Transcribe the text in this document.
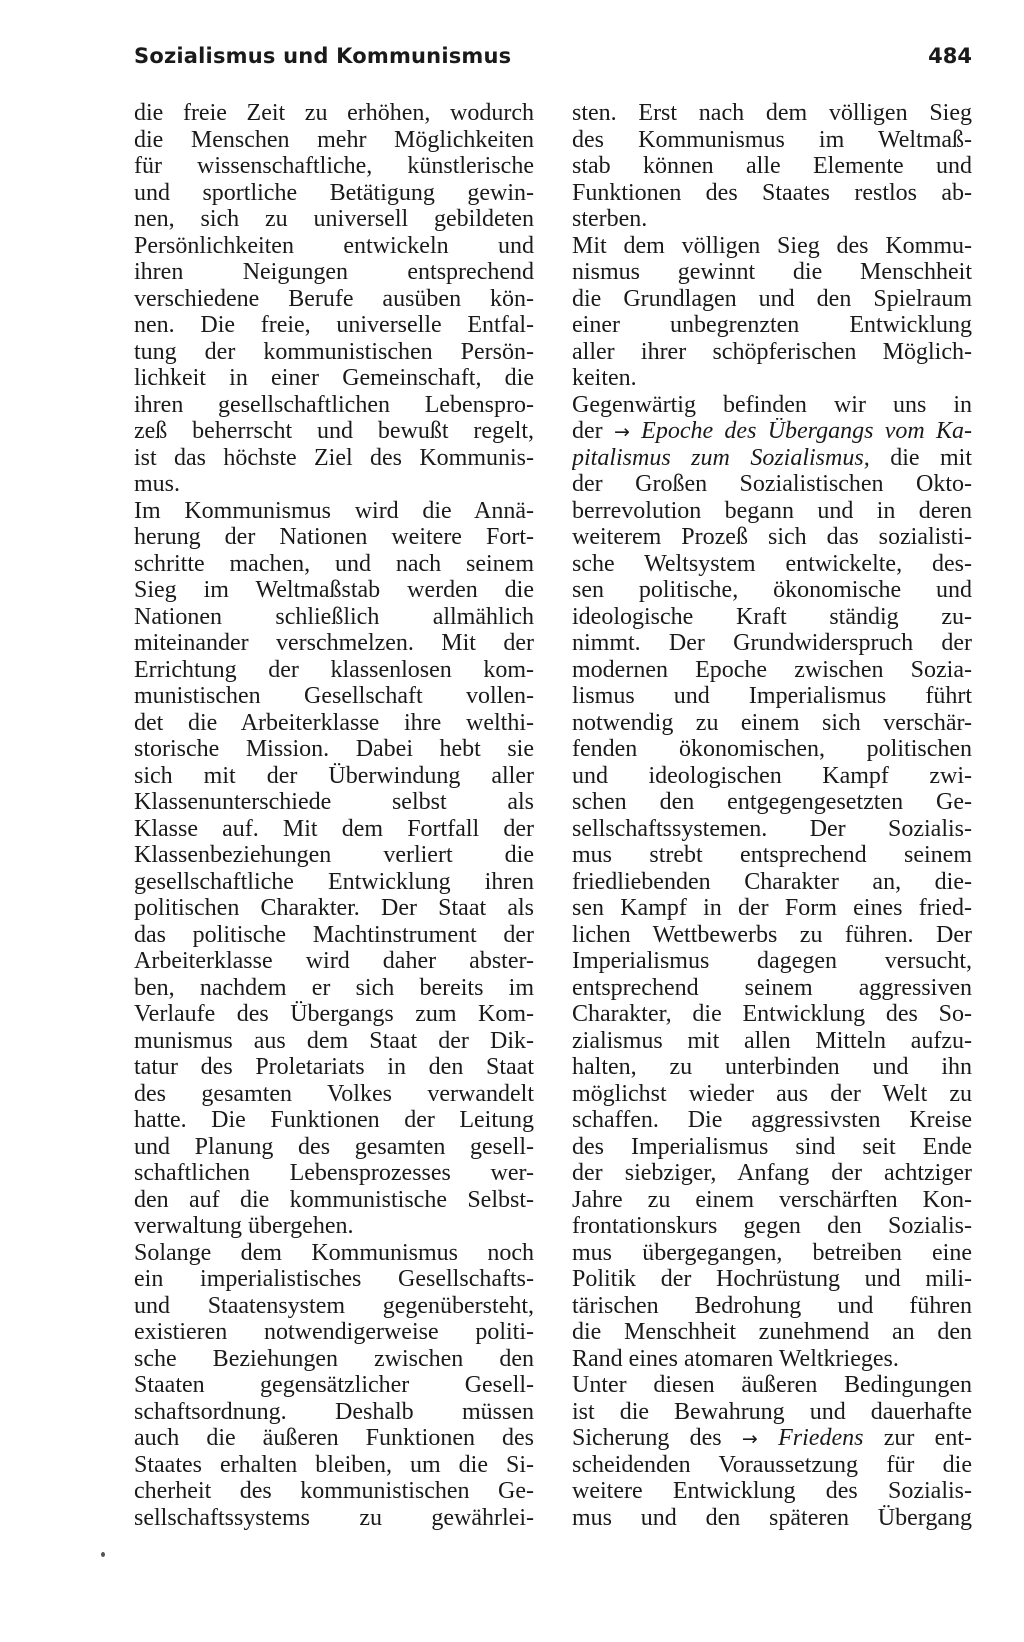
Sozialismus und Kommunismus	484
die freie Zeit zu erhöhen, wodurch
die Menschen mehr Möglichkeiten
für wissenschaftliche, künstlerische
und sportliche Betätigung gewin-
nen, sich zu universell gebildeten
Persönlichkeiten entwickeln und
ihren Neigungen entsprechend
verschiedene Berufe ausüben kön-
nen. Die freie, universelle Entfal-
tung der kommunistischen Persön-
lichkeit in einer Gemeinschaft, die
ihren gesellschaftlichen Lebenspro-
zeß beherrscht und bewußt regelt,
ist das höchste Ziel des Kommunis-
mus.
Im Kommunismus wird die Annä-
herung der Nationen weitere Fort-
schritte machen, und nach seinem
Sieg im Weltmaßstab werden die
Nationen schließlich allmählich
miteinander verschmelzen. Mit der
Errichtung der klassenlosen kom-
munistischen Gesellschaft vollen-
det die Arbeiterklasse ihre welthi-
storische Mission. Dabei hebt sie
sich mit der Überwindung aller
Klassenunterschiede selbst als
Klasse auf. Mit dem Fortfall der
Klassenbeziehungen verliert die
gesellschaftliche Entwicklung ihren
politischen Charakter. Der Staat als
das politische Machtinstrument der
Arbeiterklasse wird daher abster-
ben, nachdem er sich bereits im
Verlaufe des Übergangs zum Kom-
munismus aus dem Staat der Dik-
tatur des Proletariats in den Staat
des gesamten Volkes verwandelt
hatte. Die Funktionen der Leitung
und Planung des gesamten gesell-
schaftlichen Lebensprozesses wer-
den auf die kommunistische Selbst-
verwaltung übergehen.
Solange dem Kommunismus noch
ein imperialistisches Gesellschafts-
und Staatensystem gegenübersteht,
existieren notwendigerweise politi-
sche Beziehungen zwischen den
Staaten gegensätzlicher Gesell-
schaftsordnung. Deshalb müssen
auch die äußeren Funktionen des
Staates erhalten bleiben, um die Si-
cherheit des kommunistischen Ge-
sellschaftssystems zu gewährlei-
sten. Erst nach dem völligen Sieg
des Kommunismus im Weltmaß-
stab können alle Elemente und
Funktionen des Staates restlos ab-
sterben.
Mit dem völligen Sieg des Kommu-
nismus gewinnt die Menschheit
die Grundlagen und den Spielraum
einer unbegrenzten Entwicklung
aller ihrer schöpferischen Möglich-
keiten.
Gegenwärtig befinden wir uns in
der → Epoche des Übergangs vom Ka-
pitalismus zum Sozialismus, die mit
der Großen Sozialistischen Okto-
berrevolution begann und in deren
weiterem Prozeß sich das sozialisti-
sche Weltsystem entwickelte, des-
sen politische, ökonomische und
ideologische Kraft ständig zu-
nimmt. Der Grundwiderspruch der
modernen Epoche zwischen Sozia-
lismus und Imperialismus führt
notwendig zu einem sich verschär-
fenden ökonomischen, politischen
und ideologischen Kampf zwi-
schen den entgegengesetzten Ge-
sellschaftssystemen. Der Sozialis-
mus strebt entsprechend seinem
friedliebenden Charakter an, die-
sen Kampf in der Form eines fried-
lichen Wettbewerbs zu führen. Der
Imperialismus dagegen versucht,
entsprechend seinem aggressiven
Charakter, die Entwicklung des So-
zialismus mit allen Mitteln aufzu-
halten, zu unterbinden und ihn
möglichst wieder aus der Welt zu
schaffen. Die aggressivsten Kreise
des Imperialismus sind seit Ende
der siebziger, Anfang der achtziger
Jahre zu einem verschärften Kon-
frontationskurs gegen den Sozialis-
mus übergegangen, betreiben eine
Politik der Hochrüstung und mili-
tärischen Bedrohung und führen
die Menschheit zunehmend an den
Rand eines atomaren Weltkrieges.
Unter diesen äußeren Bedingungen
ist die Bewahrung und dauerhafte
Sicherung des → Friedens zur ent-
scheidenden Voraussetzung für die
weitere Entwicklung des Sozialis-
mus und den späteren Übergang
